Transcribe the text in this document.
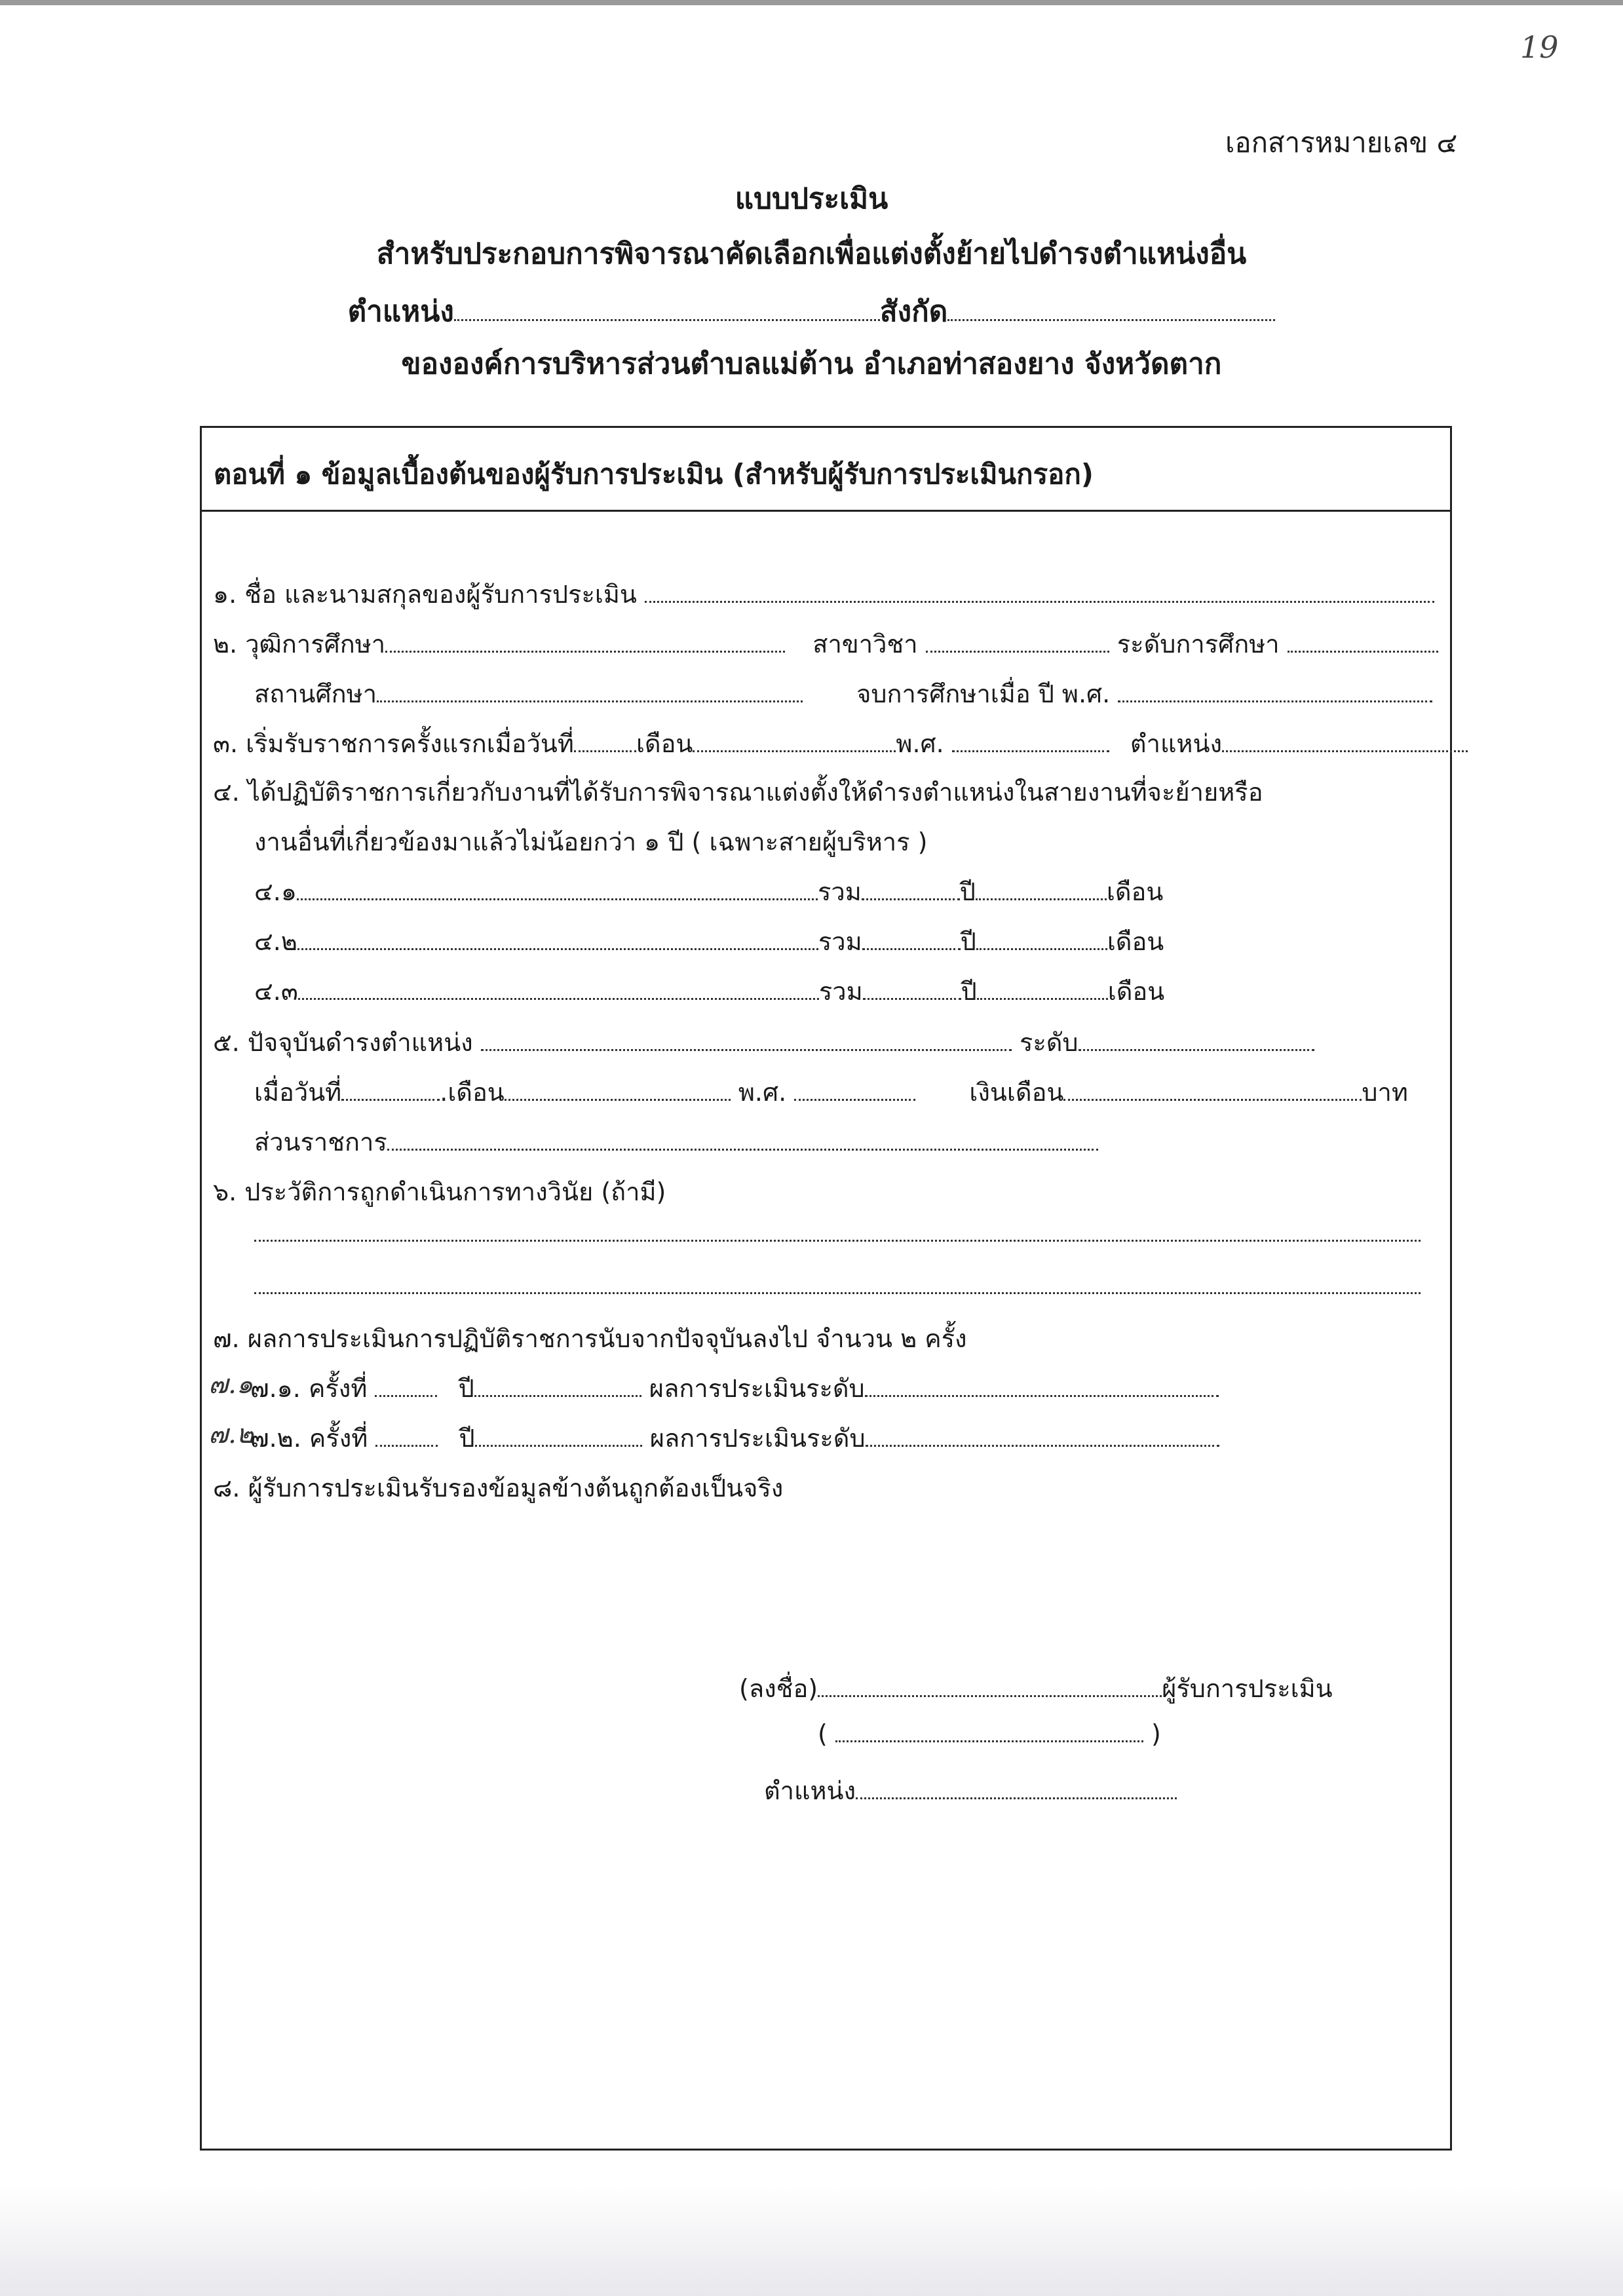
19
เอกสารหมายเลข ๔
แบบประเมิน
สำหรับประกอบการพิจารณาคัดเลือกเพื่อแต่งตั้งย้ายไปดำรงตำแหน่งอื่น
ตำแหน่ง	สังกัด
ขององค์การบริหารส่วนตำบลแม่ต้าน อำเภอท่าสองยาง จังหวัดตาก
ตอนที่ ๑ ข้อมูลเบื้องต้นของผู้รับการประเมิน (สำหรับผู้รับการประเมินกรอก)
๑. ชื่อ และนามสกุลของผู้รับการประเมิน
๒. วุฒิการศึกษา	สาขาวิชา	ระดับการศึกษา
สถานศึกษา	จบการศึกษาเมื่อ ปี พ.ศ.
๓. เริ่มรับราชการครั้งแรกเมื่อวันที่	เดือน	พ.ศ.	ตำแหน่ง
๔. ได้ปฏิบัติราชการเกี่ยวกับงานที่ได้รับการพิจารณาแต่งตั้งให้ดำรงตำแหน่งในสายงานที่จะย้ายหรือ
งานอื่นที่เกี่ยวข้องมาแล้วไม่น้อยกว่า ๑ ปี ( เฉพาะสายผู้บริหาร )
๔.๑	รวม	ปี	เดือน
๔.๒	รวม	ปี	เดือน
๔.๓	รวม	ปี	เดือน
๕. ปัจจุบันดำรงตำแหน่ง	ระดับ
เมื่อวันที่	.เดือน	พ.ศ.	เงินเดือน	บาท
ส่วนราชการ
๖. ประวัติการถูกดำเนินการทางวินัย (ถ้ามี)
๗. ผลการประเมินการปฏิบัติราชการนับจากปัจจุบันลงไป จำนวน ๒ ครั้ง
๗.๑
๗.๑. ครั้งที่	ปี	ผลการประเมินระดับ
๗.๒
๗.๒. ครั้งที่	ปี	ผลการประเมินระดับ
๘. ผู้รับการประเมินรับรองข้อมูลข้างต้นถูกต้องเป็นจริง
(ลงชื่อ)	ผู้รับการประเมิน
(	)
ตำแหน่ง
